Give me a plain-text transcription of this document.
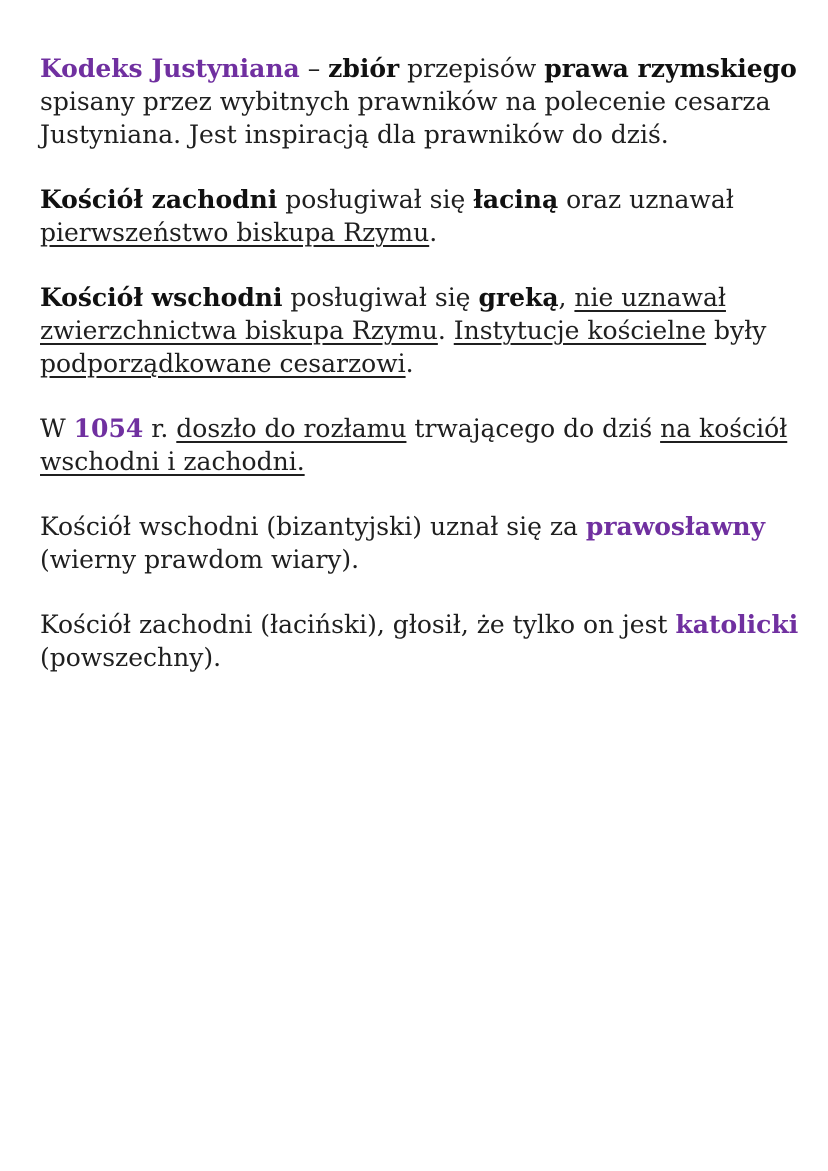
Kodeks Justyniana – zbiór przepisów prawa rzymskiego spisany przez wybitnych prawników na polecenie cesarza Justyniana. Jest inspiracją dla prawników do dziś.

Kościół zachodni posługiwał się łaciną oraz uznawał pierwszeństwo biskupa Rzymu.

Kościół wschodni posługiwał się greką, nie uznawał zwierzchnictwa biskupa Rzymu. Instytucje kościelne były podporządkowane cesarzowi.

W 1054 r. doszło do rozłamu trwającego do dziś na kościół wschodni i zachodni.

Kościół wschodni (bizantyjski) uznał się za prawosławny (wierny prawdom wiary).

Kościół zachodni (łaciński), głosił, że tylko on jest katolicki (powszechny).
